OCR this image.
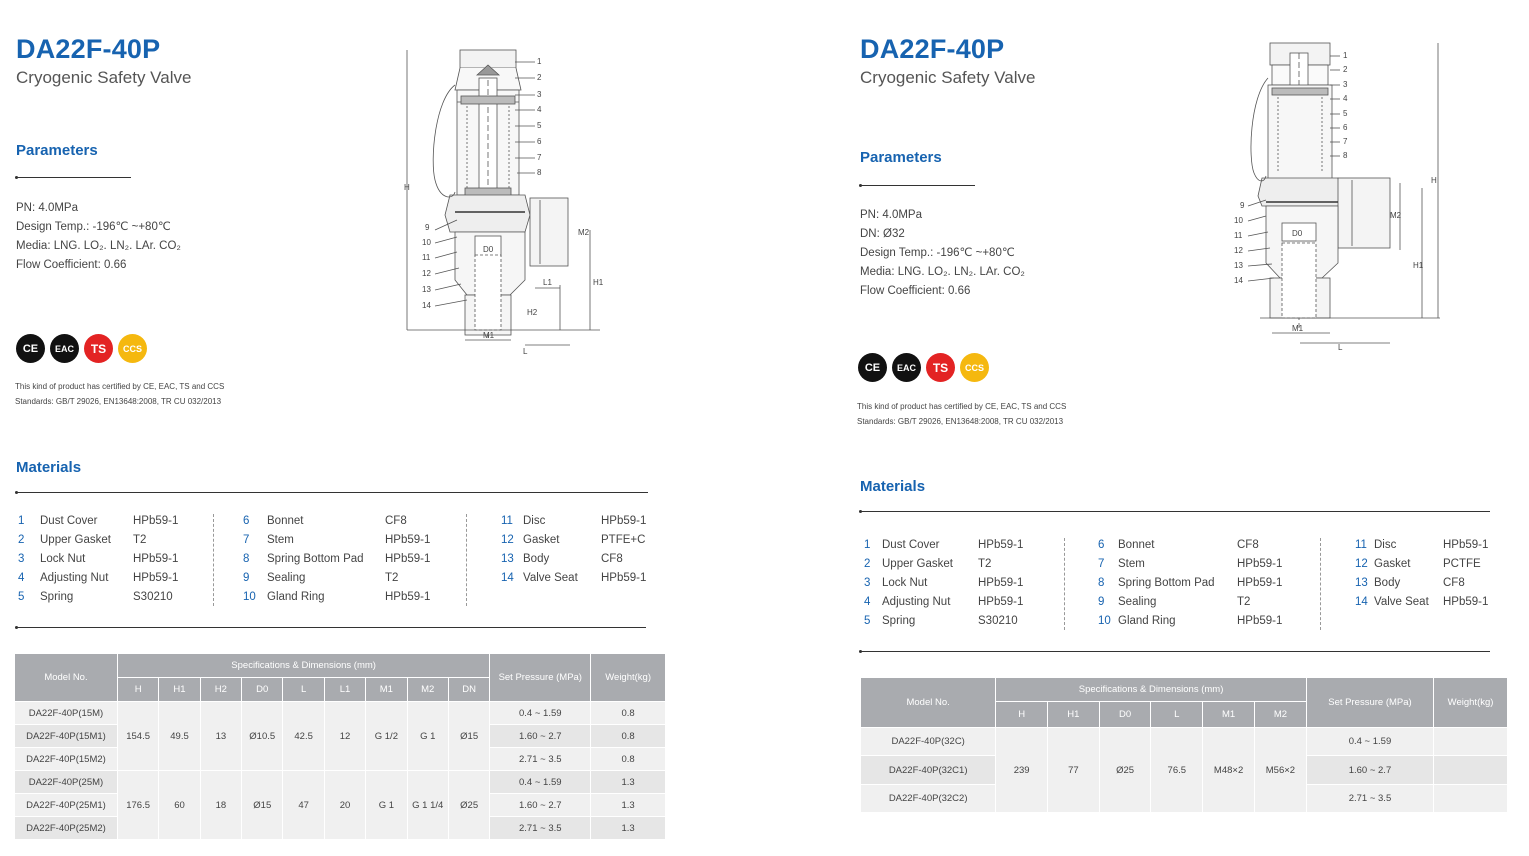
DA22F-40P
Cryogenic Safety Valve
Parameters
PN: 4.0MPa
Design Temp.: -196℃ ~+80℃
Media: LNG. LO₂. LN₂. LAr. CO₂
Flow Coefficient: 0.66
CE	EAC	TS	CCS
This kind of product has certified by CE, EAC, TS and CCS
Standards: GB/T 29026, EN13648:2008, TR CU 032/2013
Materials
1 Dust Cover	HPb59-1
2 Upper Gasket T2
3 Lock Nut	HPb59-1
4 Adjusting Nut HPb59-1
5 Spring	S30210
6 Bonnet	CF8
7 Stem	HPb59-1
8 Spring Bottom Pad HPb59-1
9 Sealing	T2
10 Gland Ring	HPb59-1
11 Disc	HPb59-1
12 Gasket	PTFE+C
13 Body	CF8
14 Valve Seat HPb59-1
Model No.	Specifications & Dimensions (mm)									Set Pressure (MPa)	Weight(kg)
	H	H1	H2	D0	L	L1	M1	M2	DN		
DA22F-40P(15M)	154.5	49.5	13	Ø10.5	42.5	12	G 1/2	G 1	Ø15	0.4 ~ 1.59	0.8
DA22F-40P(15M1)										1.60 ~ 2.7	0.8
DA22F-40P(15M2)										2.71 ~ 3.5	0.8
DA22F-40P(25M)	176.5	60	18	Ø15	47	20	G 1	G 1 1/4	Ø25	0.4 ~ 1.59	1.3
DA22F-40P(25M1)										1.60 ~ 2.7	1.3
DA22F-40P(25M2)										2.71 ~ 3.5	1.3
1
2
3
4
5
6
7
8
9
10
11
12
13
14
H
M2
H1
L1
H2
D0
M1
L
DA22F-40P
Cryogenic Safety Valve
Parameters
PN: 4.0MPa
DN: Ø32
Design Temp.: -196℃ ~+80℃
Media: LNG. LO₂. LN₂. LAr. CO₂
Flow Coefficient: 0.66
CE	EAC	TS	CCS
This kind of product has certified by CE, EAC, TS and CCS
Standards: GB/T 29026, EN13648:2008, TR CU 032/2013
Materials
1 Dust Cover	HPb59-1
2 Upper Gasket T2
3 Lock Nut	HPb59-1
4 Adjusting Nut HPb59-1
5 Spring	S30210
6 Bonnet	CF8
7 Stem	HPb59-1
8 Spring Bottom Pad HPb59-1
9 Sealing	T2
10 Gland Ring	HPb59-1
11 Disc	HPb59-1
12 Gasket	PCTFE
13 Body	CF8
14 Valve Seat HPb59-1
Model No.	Specifications & Dimensions (mm)						Set Pressure (MPa)	Weight(kg)
	H	H1	D0	L	M1	M2		
DA22F-40P(32C)	239	77	Ø25	76.5	M48×2	M56×2	0.4 ~ 1.59	
DA22F-40P(32C1)							1.60 ~ 2.7	
DA22F-40P(32C2)							2.71 ~ 3.5	
1
2
3
4
5
6
7
8
9
10
11
12
13
14
H
M2
H1
D0
M1
L
